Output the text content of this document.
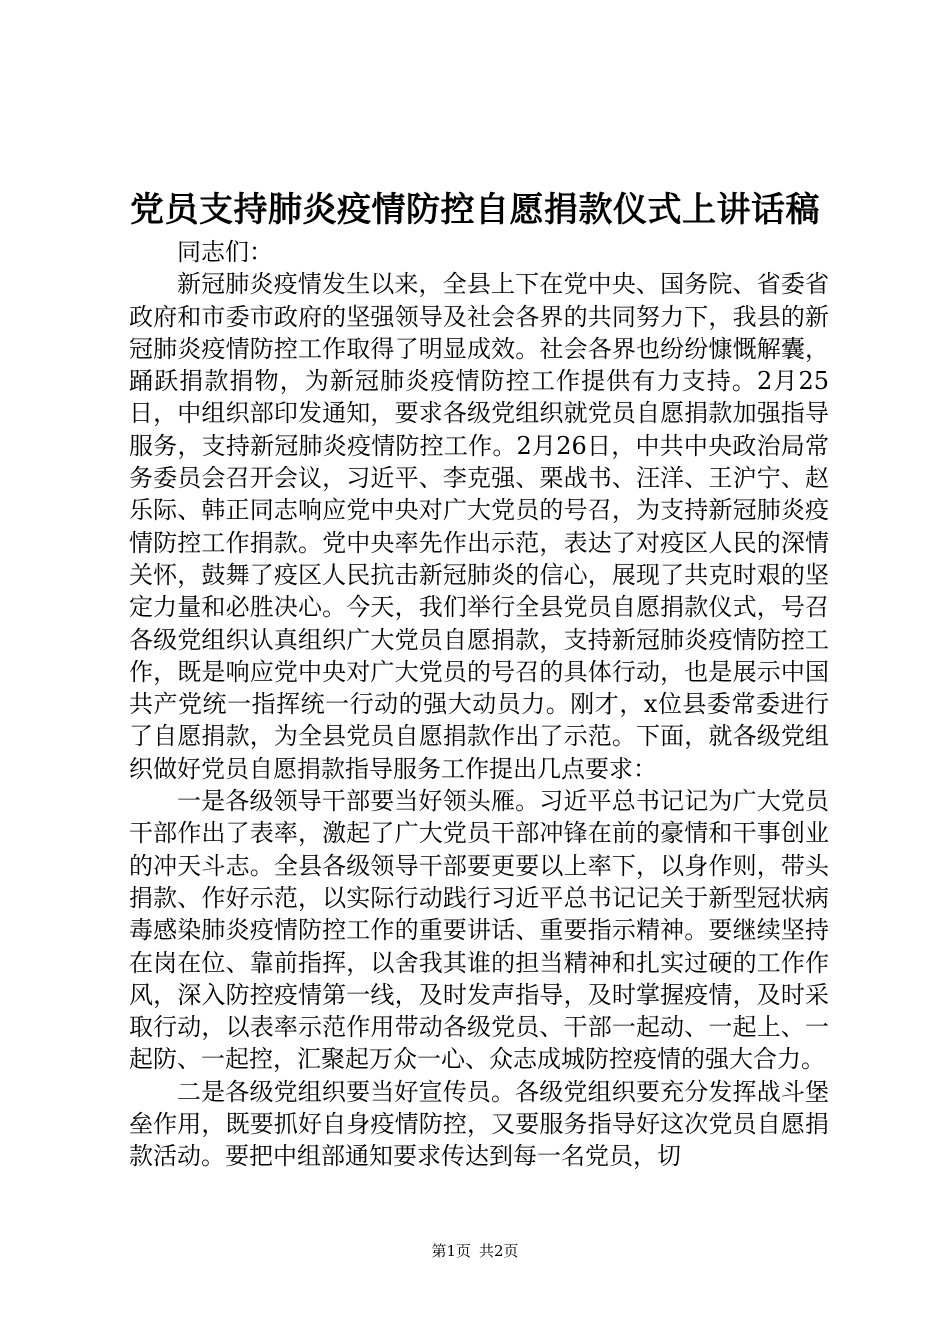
党员支持肺炎疫情防控自愿捐款仪式上讲话稿

同志们：

新冠肺炎疫情发生以来，全县上下在党中央、国务院、省委省政府和市委市政府的坚强领导及社会各界的共同努力下，我县的新冠肺炎疫情防控工作取得了明显成效。社会各界也纷纷慷慨解囊，踊跃捐款捐物，为新冠肺炎疫情防控工作提供有力支持。2月25日，中组织部印发通知，要求各级党组织就党员自愿捐款加强指导服务，支持新冠肺炎疫情防控工作。2月26日，中共中央政治局常务委员会召开会议，习近平、李克强、栗战书、汪洋、王沪宁、赵乐际、韩正同志响应党中央对广大党员的号召，为支持新冠肺炎疫情防控工作捐款。党中央率先作出示范，表达了对疫区人民的深情关怀，鼓舞了疫区人民抗击新冠肺炎的信心，展现了共克时艰的坚定力量和必胜决心。今天，我们举行全县党员自愿捐款仪式，号召各级党组织认真组织广大党员自愿捐款，支持新冠肺炎疫情防控工作，既是响应党中央对广大党员的号召的具体行动，也是展示中国共产党统一指挥统一行动的强大动员力。刚才，x位县委常委进行了自愿捐款，为全县党员自愿捐款作出了示范。下面，就各级党组织做好党员自愿捐款指导服务工作提出几点要求：

一是各级领导干部要当好领头雁。习近平总书记记为广大党员干部作出了表率，激起了广大党员干部冲锋在前的豪情和干事创业的冲天斗志。全县各级领导干部要更要以上率下，以身作则，带头捐款、作好示范，以实际行动践行习近平总书记记关于新型冠状病毒感染肺炎疫情防控工作的重要讲话、重要指示精神。要继续坚持在岗在位、靠前指挥，以舍我其谁的担当精神和扎实过硬的工作作风，深入防控疫情第一线，及时发声指导，及时掌握疫情，及时采取行动，以表率示范作用带动各级党员、干部一起动、一起上、一起防、一起控，汇聚起万众一心、众志成城防控疫情的强大合力。

二是各级党组织要当好宣传员。各级党组织要充分发挥战斗堡垒作用，既要抓好自身疫情防控，又要服务指导好这次党员自愿捐款活动。要把中组部通知要求传达到每一名党员，切

第1页 共2页
